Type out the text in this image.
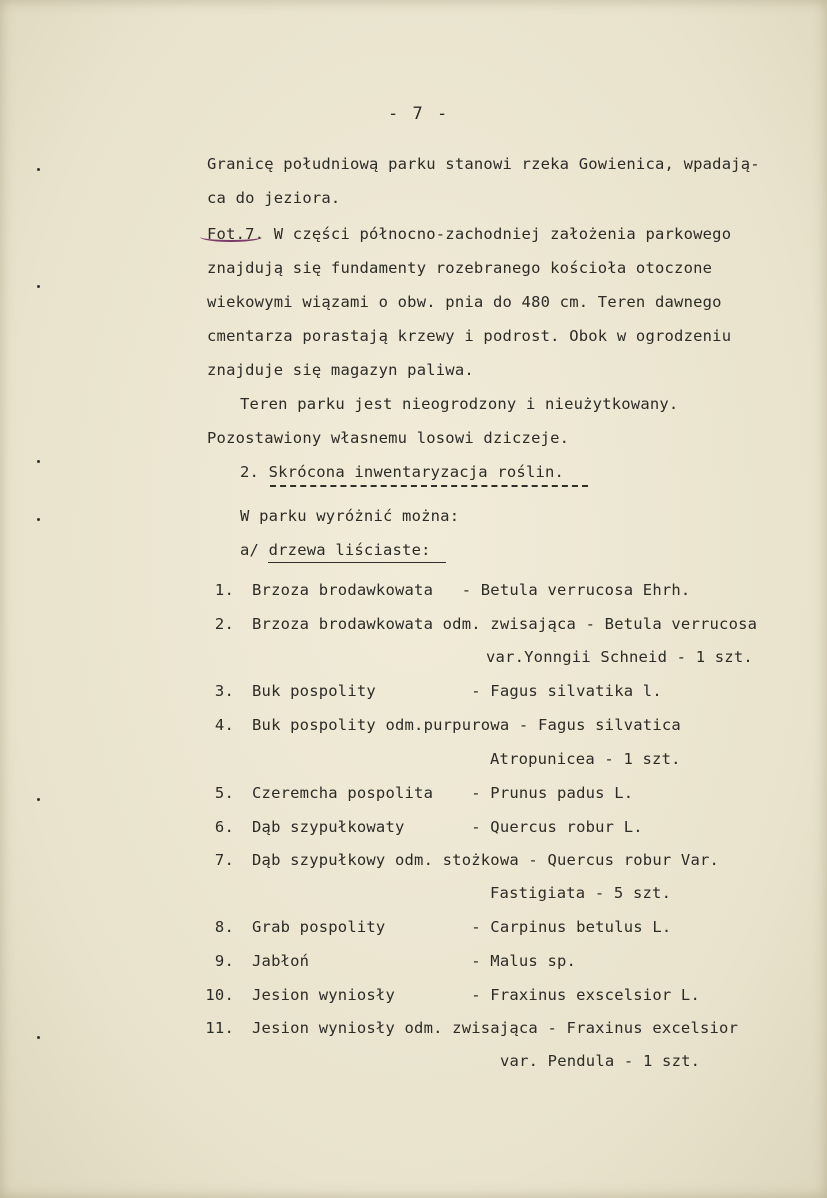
- 7 -
Granicę południową parku stanowi rzeka Gowienica, wpadają-
ca do jeziora.
Fot.7. W części północno-zachodniej założenia parkowego
znajdują się fundamenty rozebranego kościoła otoczone
wiekowymi wiązami o obw. pnia do 480 cm. Teren dawnego
cmentarza porastają krzewy i podrost. Obok w ogrodzeniu
znajduje się magazyn paliwa.
Teren parku jest nieogrodzony i nieużytkowany.
Pozostawiony własnemu losowi dziczeje.
2. Skrócona inwentaryzacja roślin.
W parku wyróżnić można:
a/ drzewa liściaste:
1. Brzoza brodawkowata   - Betula verrucosa Ehrh.
2. Brzoza brodawkowata odm. zwisająca - Betula verrucosa
var.Yonngii Schneid - 1 szt.
3. Buk pospolity          - Fagus silvatika l.
4. Buk pospolity odm.purpurowa - Fagus silvatica
Atropunicea - 1 szt.
5. Czeremcha pospolita    - Prunus padus L.
6. Dąb szypułkowaty       - Quercus robur L.
7. Dąb szypułkowy odm. stożkowa - Quercus robur Var.
Fastigiata - 5 szt.
8. Grab pospolity         - Carpinus betulus L.
9. Jabłoń                 - Malus sp.
10. Jesion wyniosły        - Fraxinus exscelsior L.
11. Jesion wyniosły odm. zwisająca - Fraxinus excelsior
var. Pendula - 1 szt.
